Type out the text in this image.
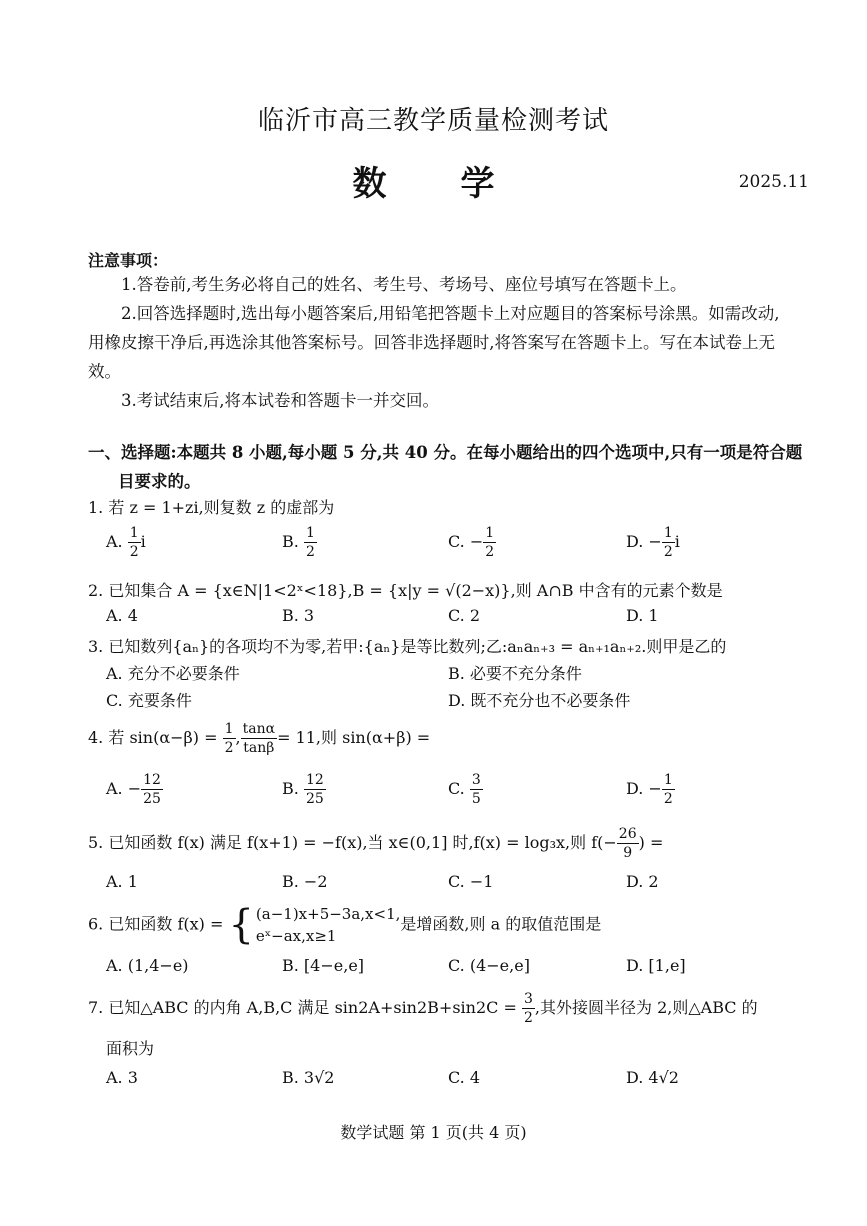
临沂市高三教学质量检测考试
数　学	2025.11
注意事项：
1.答卷前,考生务必将自己的姓名、考生号、考场号、座位号填写在答题卡上。
2.回答选择题时,选出每小题答案后,用铅笔把答题卡上对应题目的答案标号涂黑。如需改动,用橡皮擦干净后,再选涂其他答案标号。回答非选择题时,将答案写在答题卡上。写在本试卷上无效。
3.考试结束后,将本试卷和答题卡一并交回。
一、选择题:本题共 8 小题,每小题 5 分,共 40 分。在每小题给出的四个选项中,只有一项是符合题目要求的。
1. 若 z = 1+zi,则复数 z 的虚部为
A. $\frac{1}{2}$ i	B. $\frac{1}{2}$	C. − $\frac{1}{2}$	D. − $\frac{1}{2}$ i
2. 已知集合 A = {x∈N|1<2ˣ<18},B = {x|y = √(2−x)},则 A∩B 中含有的元素个数是
A. 4	B. 3	C. 2	D. 1
3. 已知数列{aₙ}的各项均不为零,若甲:{aₙ}是等比数列;乙:aₙaₙ₊₃ = aₙ₊₁aₙ₊₂.则甲是乙的
A. 充分不必要条件	B. 必要不充分条件
C. 充要条件	D. 既不充分也不必要条件
4. 若 $\sin(\alpha-\beta) = \frac{1}{2}$ , $\frac{\tan\alpha}{\tan\beta} = 11$,则 sin(α+β) =
A. − $\frac{12}{25}$	B. $\frac{12}{25}$	C. $\frac{3}{5}$	D. − $\frac{1}{2}$
5. 已知函数 f(x) 满足 f(x+1) = −f(x),当 x∈(0,1] 时,f(x) = log₃x,则 $f(- \frac{26}{9}$ ) =
A. 1	B. −2	C. −1	D. 2
6. 已知函数 f(x) = { (a−1)x+5−3a,x<1,
eˣ−ax,x≥1
是增函数,则 a 的取值范围是
A. (1,4−e)	B. [4−e,e]	C. (4−e,e]	D. [1,e]
7. 已知△ABC 的内角 A,B,C 满足 $\sin 2A+\sin 2B+\sin 2C = \frac{3}{2}$ ,其外接圆半径为 2,则△ABC 的
面积为
A. 3	B. 3√2	C. 4	D. 4√2
数学试题 第 1 页(共 4 页)
